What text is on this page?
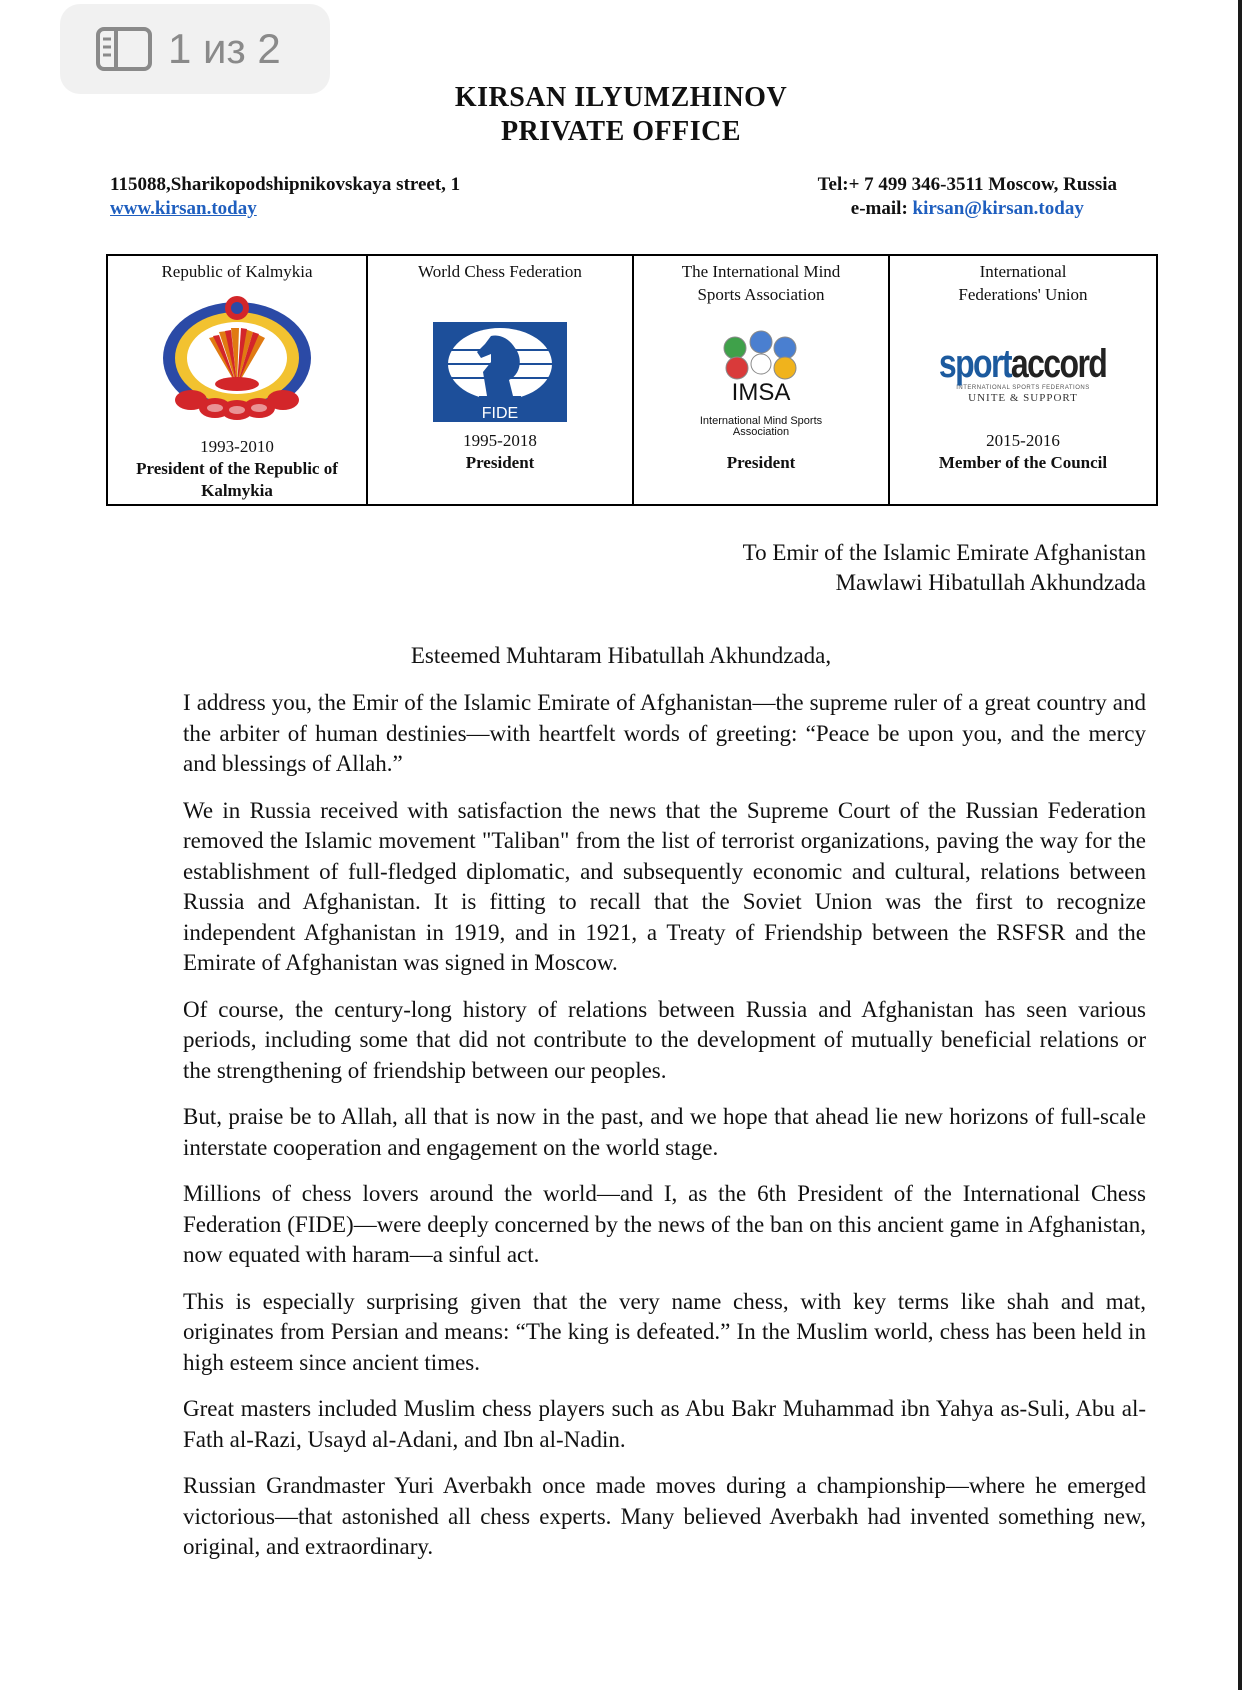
1 из 2
KIRSAN ILYUMZHINOV
PRIVATE OFFICE
115088,Sharikopodshipnikovskaya street, 1
www.kirsan.today
Tel:+ 7 499 346-3511 Moscow, Russia
e-mail: kirsan@kirsan.today
Republic of Kalmykia
1993-2010
President of the Republic of Kalmykia
World Chess Federation
FIDE
1995-2018
President
The International Mind Sports Association
IMSA
International Mind Sports Association
President
International Federations' Union
sportaccord
INTERNATIONAL SPORTS FEDERATIONS
UNITE & SUPPORT
2015-2016
Member of the Council
To Emir of the Islamic Emirate Afghanistan
Mawlawi Hibatullah Akhundzada
Esteemed Muhtaram Hibatullah Akhundzada,

I address you, the Emir of the Islamic Emirate of Afghanistan—the supreme ruler of a great country and the arbiter of human destinies—with heartfelt words of greeting: “Peace be upon you, and the mercy and blessings of Allah.”

We in Russia received with satisfaction the news that the Supreme Court of the Russian Federation removed the Islamic movement "Taliban" from the list of terrorist organizations, paving the way for the establishment of full-fledged diplomatic, and subsequently economic and cultural, relations between Russia and Afghanistan. It is fitting to recall that the Soviet Union was the first to recognize independent Afghanistan in 1919, and in 1921, a Treaty of Friendship between the RSFSR and the Emirate of Afghanistan was signed in Moscow.

Of course, the century-long history of relations between Russia and Afghanistan has seen various periods, including some that did not contribute to the development of mutually beneficial relations or the strengthening of friendship between our peoples.

But, praise be to Allah, all that is now in the past, and we hope that ahead lie new horizons of full-scale interstate cooperation and engagement on the world stage.

Millions of chess lovers around the world—and I, as the 6th President of the International Chess Federation (FIDE)—were deeply concerned by the news of the ban on this ancient game in Afghanistan, now equated with haram—a sinful act.

This is especially surprising given that the very name chess, with key terms like shah and mat, originates from Persian and means: “The king is defeated.” In the Muslim world, chess has been held in high esteem since ancient times.

Great masters included Muslim chess players such as Abu Bakr Muhammad ibn Yahya as-Suli, Abu al-Fath al-Razi, Usayd al-Adani, and Ibn al-Nadin.

Russian Grandmaster Yuri Averbakh once made moves during a championship—where he emerged victorious—that astonished all chess experts. Many believed Averbakh had invented something new, original, and extraordinary.
